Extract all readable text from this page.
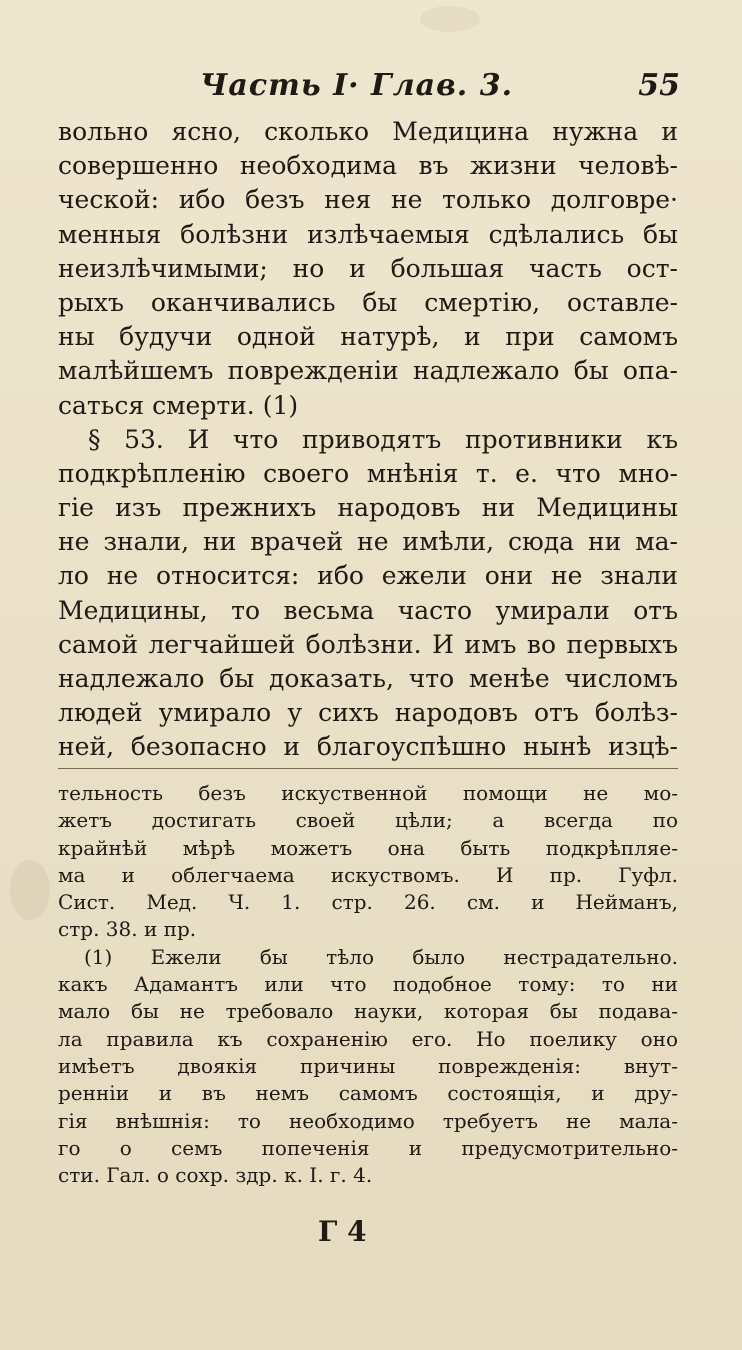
Часть I· Глав. 3.	55
вольно ясно, сколько Медицина нужна и
совершенно необходима въ жизни человѣ-
ческой: ибо безъ нея не только долговре·
менныя болѣзни излѣчаемыя сдѣлались бы
неизлѣчимыми; но и большая часть ост-
рыхъ оканчивались бы смертію, оставле-
ны будучи одной натурѣ, и при самомъ
малѣйшемъ поврежденіи надлежало бы опа-
саться смерти. (1)
§ 53. И что приводятъ противники къ
подкрѣпленію своего мнѣнія т. е. что мно-
гіе изъ прежнихъ народовъ ни Медицины
не знали, ни врачей не имѣли, сюда ни ма-
ло не относится: ибо ежели они не знали
Медицины, то весьма часто умирали отъ
самой легчайшей болѣзни. И имъ во первыхъ
надлежало бы доказать, что менѣе числомъ
людей умирало у сихъ народовъ отъ болѣз-
ней, безопасно и благоуспѣшно нынѣ изцѣ-
тельность безъ искуственной помощи не мо-
жетъ достигать своей цѣли; а всегда по
крайнѣй мѣрѣ можетъ она быть подкрѣпляе-
ма и облегчаема искуствомъ. И пр. Гуфл.
Сист. Мед. Ч. 1. стр. 26. см. и Нейманъ,
стр. 38. и пр.
(1) Ежели бы тѣло было нестрадательно.
какъ Адамантъ или что подобное тому: то ни
мало бы не требовало науки, которая бы подава-
ла правила къ сохраненію его. Но поелику оно
имѣетъ двоякія причины поврежденія: внут-
ренніи и въ немъ самомъ состоящія, и дру-
гія внѣшнія: то необходимо требуетъ не мала-
го о семъ попеченія и предусмотрительно-
сти. Гал. о сохр. здр. к. I. г. 4.
Г 4
